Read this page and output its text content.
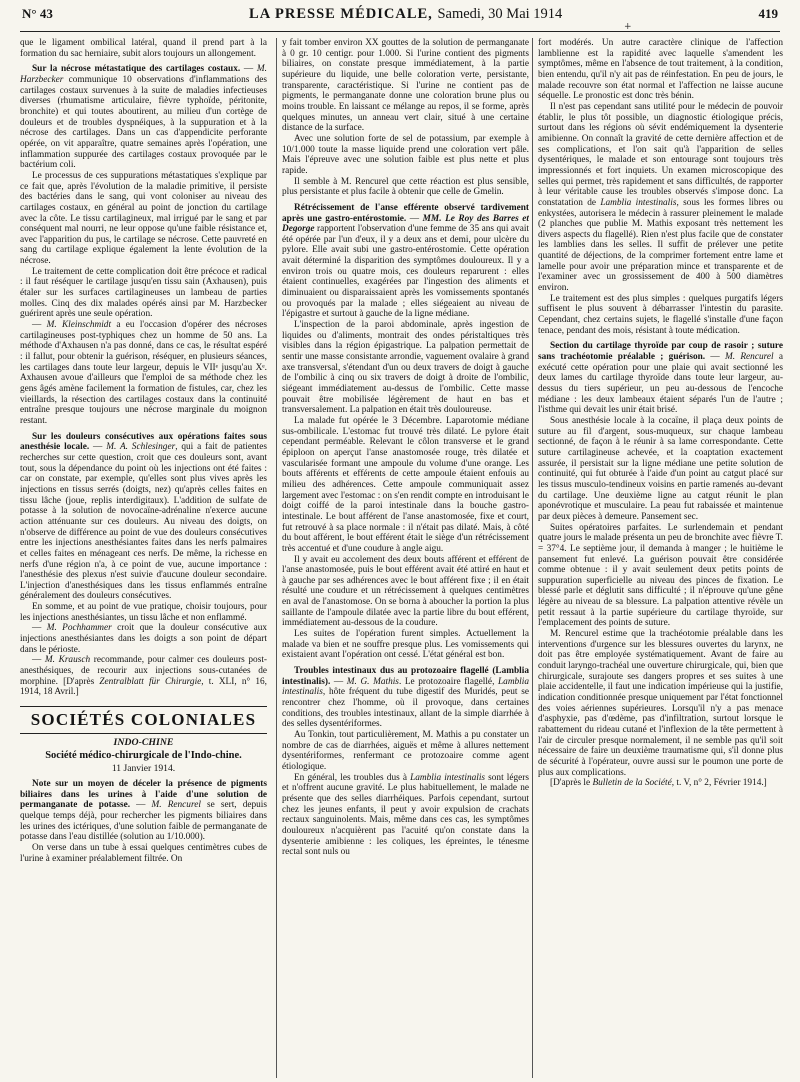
N° 43	LA PRESSE MÉDICALE, Samedi, 30 Mai 1914	419
+

que le ligament ombilical latéral, quand il prend part à la formation du sac herniaire, subit alors toujours un allongement.

Sur la nécrose métastatique des cartilages costaux. — M. Harzbecker communique 10 observations d'inflammations des cartilages costaux survenues à la suite de maladies infectieuses diverses (rhumatisme articulaire, fièvre typhoïde, péritonite, bronchite) et qui toutes aboutirent, au milieu d'un cortège de douleurs et de troubles dyspnéiques, à la suppuration et à la nécrose des cartilages. Dans un cas d'appendicite perforante opérée, on vit apparaître, quatre semaines après l'opération, une inflammation suppurée des cartilages costaux provoquée par le bactérium coli.

Le processus de ces suppurations métastatiques s'explique par ce fait que, après l'évolution de la maladie primitive, il persiste des bactéries dans le sang, qui vont coloniser au niveau des cartilages costaux, en général au point de jonction du cartilage avec la côte. Le tissu cartilagineux, mal irrigué par le sang et par conséquent mal nourri, ne leur oppose qu'une faible résistance et, avec l'apparition du pus, le cartilage se nécrose. Cette pauvreté en sang du cartilage explique également la lente évolution de la nécrose.

Le traitement de cette complication doit être précoce et radical : il faut réséquer le cartilage jusqu'en tissu sain (Axhausen), puis étaler sur les surfaces cartilagineuses un lambeau de parties molles. Cinq des dix malades opérés ainsi par M. Harzbecker guérirent après une seule opération.

— M. Kleinschmidt a eu l'occasion d'opérer des nécroses cartilagineuses post-typhiques chez un homme de 50 ans. La méthode d'Axhausen n'a pas donné, dans ce cas, le résultat espéré : il fallut, pour obtenir la guérison, réséquer, en plusieurs séances, les cartilages dans toute leur largeur, depuis le VIIᵉ jusqu'au Xᵉ. Axhausen avoue d'ailleurs que l'emploi de sa méthode chez les gens âgés amène facilement la formation de fistules, car, chez les vieillards, la résection des cartilages costaux dans la continuité entraîne presque toujours une nécrose marginale du moignon restant.

Sur les douleurs consécutives aux opérations faites sous anesthésie locale. — M. A. Schlesinger, qui a fait de patientes recherches sur cette question, croit que ces douleurs sont, avant tout, sous la dépendance du point où les injections ont été faites : car on constate, par exemple, qu'elles sont plus vives après les injections en tissus serrés (doigts, nez) qu'après celles faites en tissu lâche (joue, replis interdigitaux). L'addition de sulfate de potasse à la solution de novocaïne-adrénaline n'exerce aucune action atténuante sur ces douleurs. Au niveau des doigts, on n'observe de différence au point de vue des douleurs consécutives entre les injections anesthésiantes faites dans les nerfs palmaires et celles faites en ménageant ces nerfs. De même, la richesse en nerfs d'une région n'a, à ce point de vue, aucune importance : l'anesthésie des plexus n'est suivie d'aucune douleur secondaire. L'injection d'anesthésiques dans les tissus enflammés entraîne généralement des douleurs consécutives.

En somme, et au point de vue pratique, choisir toujours, pour les injections anesthésiantes, un tissu lâche et non enflammé.

— M. Pochhammer croit que la douleur consécutive aux injections anesthésiantes dans les doigts a son point de départ dans le périoste.

— M. Krausch recommande, pour calmer ces douleurs post-anesthésiques, de recourir aux injections sous-cutanées de morphine. [D'après Zentralblatt für Chirurgie, t. XLI, n° 16, 1914, 18 Avril.]

SOCIÉTÉS COLONIALES
INDO-CHINE
Société médico-chirurgicale de l'Indo-chine.
11 Janvier 1914.

Note sur un moyen de déceler la présence de pigments biliaires dans les urines à l'aide d'une solution de permanganate de potasse. — M. Rencurel se sert, depuis quelque temps déjà, pour rechercher les pigments biliaires dans les urines des ictériques, d'une solution faible de permanganate de potasse dans l'eau distillée (solution au 1/10.000).

On verse dans un tube à essai quelques centimètres cubes de l'urine à examiner préalablement filtrée. On

y fait tomber environ XX gouttes de la solution de permanganate à 0 gr. 10 centigr. pour 1.000. Si l'urine contient des pigments biliaires, on constate presque immédiatement, à la partie supérieure du liquide, une belle coloration verte, persistante, transparente, caractéristique. Si l'urine ne contient pas de pigments, le permanganate donne une coloration brune plus ou moins trouble. En laissant ce mélange au repos, il se forme, après quelques minutes, un anneau vert clair, situé à une certaine distance de la surface.

Avec une solution forte de sel de potassium, par exemple à 10/1.000 toute la masse liquide prend une coloration vert pâle. Mais l'épreuve avec une solution faible est plus nette et plus rapide.

Il semble à M. Rencurel que cette réaction est plus sensible, plus persistante et plus facile à obtenir que celle de Gmelin.

Rétrécissement de l'anse efférente observé tardivement après une gastro-entérostomie. — MM. Le Roy des Barres et Degorge rapportent l'observation d'une femme de 35 ans qui avait été opérée par l'un d'eux, il y a deux ans et demi, pour ulcère du pylore. Elle avait subi une gastro-entérostomie. Cette opération avait déterminé la disparition des symptômes douloureux. Il y a environ trois ou quatre mois, ces douleurs reparurent : elles étaient continuelles, exagérées par l'ingestion des aliments et diminuaient ou disparaissaient après les vomissements spontanés ou provoqués par la malade ; elles siégeaient au niveau de l'épigastre et surtout à gauche de la ligne médiane.

L'inspection de la paroi abdominale, après ingestion de liquides ou d'aliments, montrait des ondes péristaltiques très visibles dans la région épigastrique. La palpation permettait de sentir une masse consistante arrondie, vaguement ovalaire à grand axe transversal, s'étendant d'un ou deux travers de doigt à gauche de l'ombilic à cinq ou six travers de doigt à droite de l'ombilic, siégeant immédiatement au-dessus de l'ombilic. Cette masse pouvait être mobilisée légèrement de haut en bas et transversalement. La palpation en était très douloureuse.

La malade fut opérée le 3 Décembre. Laparotomie médiane sus-ombilicale. L'estomac fut trouvé très dilaté. Le pylore était cependant perméable. Relevant le côlon transverse et le grand épiploon on aperçut l'anse anastomosée rouge, très dilatée et vascularisée formant une ampoule du volume d'une orange. Les bouts afférents et efférents de cette ampoule étaient enfouis au milieu des adhérences. Cette ampoule communiquait assez largement avec l'estomac : on s'en rendit compte en introduisant le doigt coiffé de la paroi intestinale dans la bouche gastro-intestinale. Le bout afférent de l'anse anastomosée, fixe et court, fut retrouvé à sa place normale : il n'était pas dilaté. Mais, à côté du bout afférent, le bout efférent était le siège d'un rétrécissement très accentué et d'une coudure à angle aigu.

Il y avait eu accolement des deux bouts afférent et efférent de l'anse anastomosée, puis le bout efférent avait été attiré en haut et à gauche par ses adhérences avec le bout afférent fixe ; il en était résulté une coudure et un rétrécissement à quelques centimètres en aval de l'anastomose. On se borna à aboucher la portion la plus saillante de l'ampoule dilatée avec la partie libre du bout efférent, immédiatement au-dessous de la coudure.

Les suites de l'opération furent simples. Actuellement la malade va bien et ne souffre presque plus. Les vomissements qui existaient avant l'opération ont cessé. L'état général est bon.

Troubles intestinaux dus au protozoaire flagellé (Lamblia intestinalis). — M. G. Mathis. Le protozoaire flagellé, Lamblia intestinalis, hôte fréquent du tube digestif des Muridés, peut se rencontrer chez l'homme, où il provoque, dans certaines conditions, des troubles intestinaux, allant de la simple diarrhée à des selles dysentériformes.

Au Tonkin, tout particulièrement, M. Mathis a pu constater un nombre de cas de diarrhées, aiguës et même à allures nettement dysentériformes, renfermant ce protozoaire comme agent étiologique.

En général, les troubles dus à Lamblia intestinalis sont légers et n'offrent aucune gravité. Le plus habituellement, le malade ne présente que des selles diarrhéiques. Parfois cependant, surtout chez les jeunes enfants, il peut y avoir expulsion de crachats rectaux sanguinolents. Mais, même dans ces cas, les symptômes douloureux n'acquièrent pas l'acuité qu'on constate dans la dysenterie amibienne : les coliques, les épreintes, le ténesme rectal sont nuls ou

fort modérés. Un autre caractère clinique de l'affection lamblienne est la rapidité avec laquelle s'amendent les symptômes, même en l'absence de tout traitement, à la condition, bien entendu, qu'il n'y ait pas de réinfestation. En peu de jours, le malade recouvre son état normal et l'affection ne laisse aucune séquelle. Le pronostic est donc très bénin.

Il n'est pas cependant sans utilité pour le médecin de pouvoir établir, le plus tôt possible, un diagnostic étiologique précis, surtout dans les régions où sévit endémiquement la dysenterie amibienne. On connaît la gravité de cette dernière affection et de ses complications, et l'on sait qu'à l'apparition de selles dysentériques, le malade et son entourage sont toujours très impressionnés et fort inquiets. Un examen microscopique des selles qui permet, très rapidement et sans difficultés, de rapporter à leur véritable cause les troubles observés s'impose donc. La constatation de Lamblia intestinalis, sous les formes libres ou enkystées, autorisera le médecin à rassurer pleinement le malade (2 planches que publie M. Mathis exposant très nettement les divers aspects du flagellé). Rien n'est plus facile que de constater les lamblies dans les selles. Il suffit de prélever une petite quantité de déjections, de la comprimer fortement entre lame et lamelle pour avoir une préparation mince et transparente et de l'examiner avec un grossissement de 400 à 500 diamètres environ.

Le traitement est des plus simples : quelques purgatifs légers suffisent le plus souvent à débarrasser l'intestin du parasite. Cependant, chez certains sujets, le flagellé s'installe d'une façon tenace, pendant des mois, résistant à toute médication.

Section du cartilage thyroïde par coup de rasoir ; suture sans trachéotomie préalable ; guérison. — M. Rencurel a exécuté cette opération pour une plaie qui avait sectionné les deux lames du cartilage thyroïde dans toute leur largeur, au-dessus du tiers supérieur, un peu au-dessous de l'encoche médiane : les deux lambeaux étaient séparés l'un de l'autre ; l'isthme qui devait les unir était brisé.

Sous anesthésie locale à la cocaïne, il plaça deux points de suture au fil d'argent, sous-muqueux, sur chaque lambeau sectionné, de façon à le réunir à sa lame correspondante. Cette suture cartilagineuse achevée, et la coaptation exactement assurée, il persistait sur la ligne médiane une petite solution de continuité, qui fut obturée à l'aide d'un point au catgut placé sur les tissus musculo-tendineux voisins en partie ramenés au-devant du cartilage. Une deuxième ligne au catgut réunit le plan aponévrotique et musculaire. La peau fut rabaissée et maintenue par deux pièces à demeure. Pansement sec.

Suites opératoires parfaites. Le surlendemain et pendant quatre jours le malade présenta un peu de bronchite avec fièvre T. = 37°4. Le septième jour, il demanda à manger ; le huitième le pansement fut enlevé. La guérison pouvait être considérée comme obtenue : il y avait seulement deux petits points de suppuration superficielle au niveau des pinces de fixation. Le blessé parle et déglutit sans difficulté ; il n'éprouve qu'une gêne légère au niveau de sa blessure. La palpation attentive révèle un petit ressaut à la partie supérieure du cartilage thyroïde, sur l'emplacement des points de suture.

M. Rencurel estime que la trachéotomie préalable dans les interventions d'urgence sur les blessures ouvertes du larynx, ne doit pas être employée systématiquement. Avant de faire au conduit laryngo-trachéal une ouverture chirurgicale, qui, bien que chirurgicale, surajoute ses dangers propres et ses suites à une plaie accidentelle, il faut une indication impérieuse qui la justifie, indication conditionnée presque uniquement par l'état fonctionnel des voies aériennes supérieures. Lorsqu'il n'y a pas menace d'asphyxie, pas d'œdème, pas d'infiltration, surtout lorsque le rabattement du rideau cutané et l'inflexion de la tête permettent à l'air de circuler presque normalement, il ne semble pas qu'il soit nécessaire de faire un deuxième traumatisme qui, s'il donne plus de sécurité à l'opérateur, ouvre aussi sur le poumon une porte de plus aux complications.

[D'après le Bulletin de la Société, t. V, n° 2, Février 1914.]
